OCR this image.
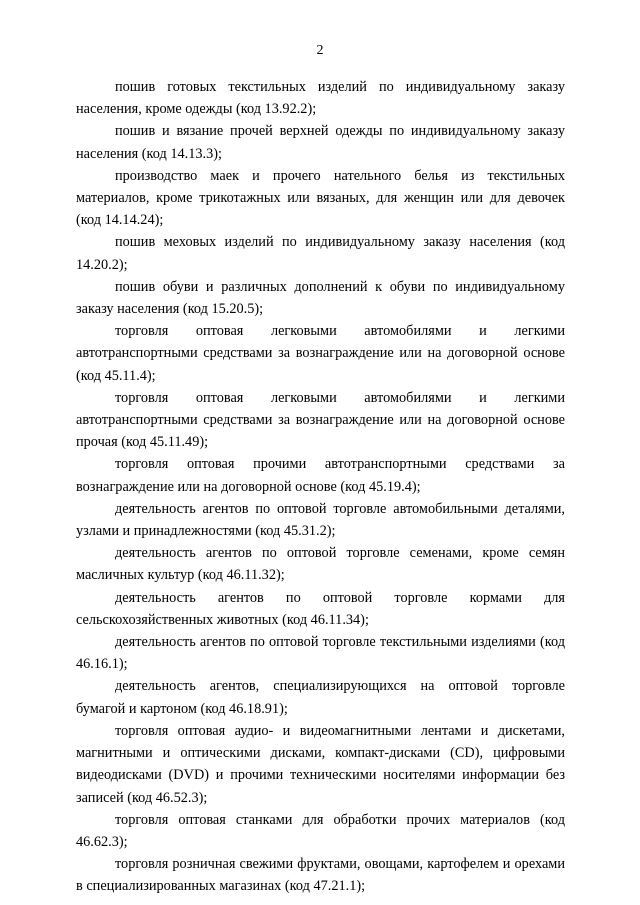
2

пошив готовых текстильных изделий по индивидуальному заказу населения, кроме одежды (код 13.92.2);

пошив и вязание прочей верхней одежды по индивидуальному заказу населения (код 14.13.3);

производство маек и прочего нательного белья из текстильных материалов, кроме трикотажных или вязаных, для женщин или для девочек (код 14.14.24);

пошив меховых изделий по индивидуальному заказу населения (код 14.20.2);

пошив обуви и различных дополнений к обуви по индивидуальному заказу населения (код 15.20.5);

торговля оптовая легковыми автомобилями и легкими автотранспортными средствами за вознаграждение или на договорной основе (код 45.11.4);

торговля оптовая легковыми автомобилями и легкими автотранспортными средствами за вознаграждение или на договорной основе прочая (код 45.11.49);

торговля оптовая прочими автотранспортными средствами за вознаграждение или на договорной основе (код 45.19.4);

деятельность агентов по оптовой торговле автомобильными деталями, узлами и принадлежностями (код 45.31.2);

деятельность агентов по оптовой торговле семенами, кроме семян масличных культур (код 46.11.32);

деятельность агентов по оптовой торговле кормами для сельскохозяйственных животных (код 46.11.34);

деятельность агентов по оптовой торговле текстильными изделиями (код 46.16.1);

деятельность агентов, специализирующихся на оптовой торговле бумагой и картоном (код 46.18.91);

торговля оптовая аудио- и видеомагнитными лентами и дискетами, магнитными и оптическими дисками, компакт-дисками (CD), цифровыми видеодисками (DVD) и прочими техническими носителями информации без записей (код 46.52.3);

торговля оптовая станками для обработки прочих материалов (код 46.62.3);

торговля розничная свежими фруктами, овощами, картофелем и орехами в специализированных магазинах (код 47.21.1);
